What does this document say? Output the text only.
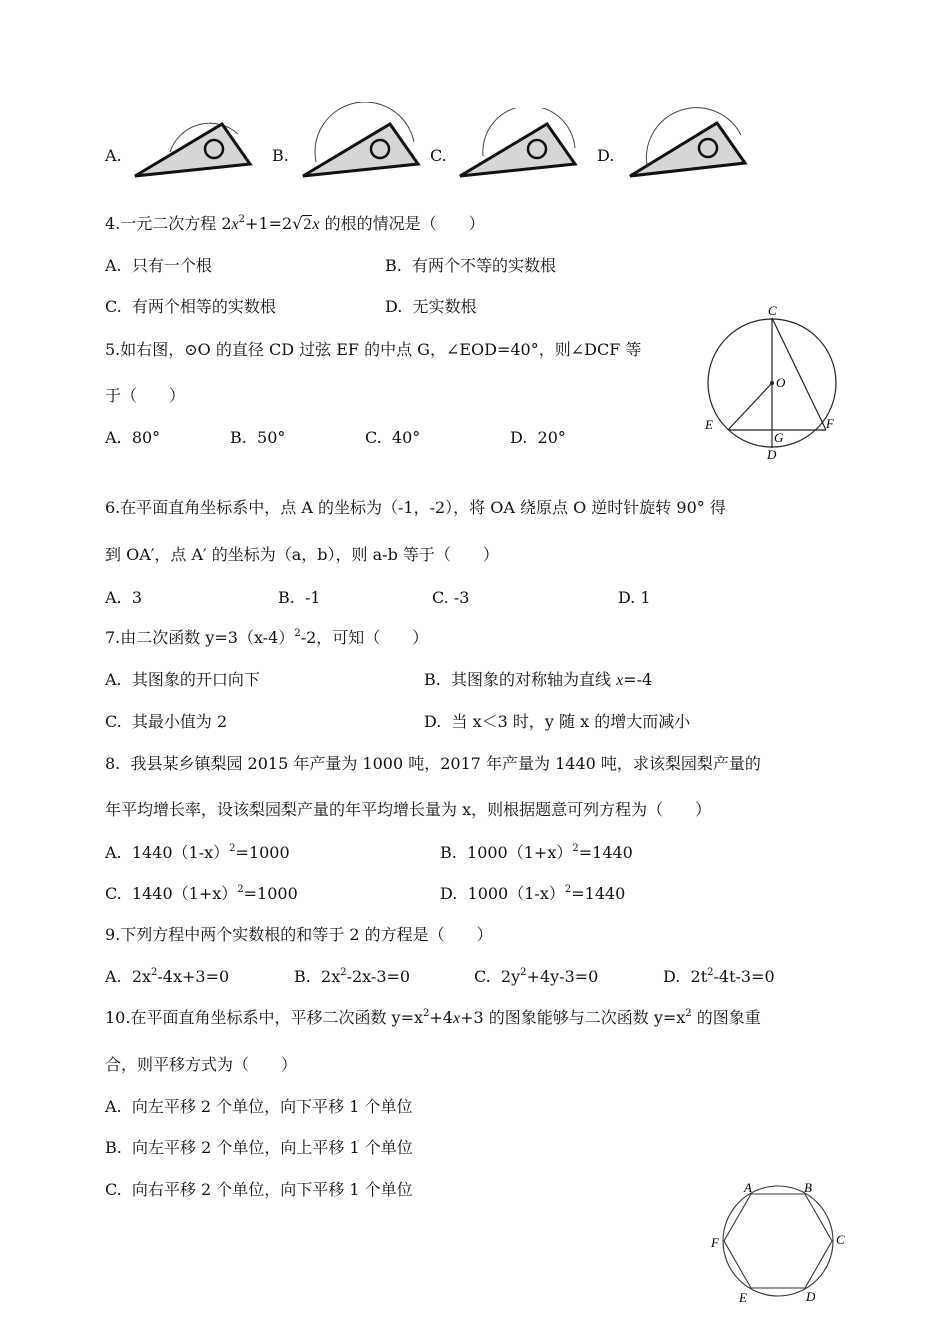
A.	B.	C.	D.
4.一元二次方程 $2x^2+1=2√2x$ 的根的情况是（　　）
A.  只有一个根	B.  有两个不等的实数根
C.  有两个相等的实数根	D.  无实数根
5.如右图，⊙O 的直径 CD 过弦 EF 的中点 G，∠EOD=40°，则∠DCF 等
于（　　）
A.  80°	B.  50°	C.  40°	D.  20°
C
O
E
G
F
D
6.在平面直角坐标系中，点 A 的坐标为（-1，-2），将 OA 绕原点 O 逆时针旋转 90° 得
到 OA′，点 A′ 的坐标为（a，b），则 a-b 等于（　　）
A.  3	B.  -1	C. -3	D. 1
7.由二次函数 $y=3(x-4)^2-2$，可知（　　）
A.  其图象的开口向下	B.  其图象的对称轴为直线 x=-4
C.  其最小值为 2	D.  当 x＜3 时，y 随 x 的增大而减小
8.  我县某乡镇梨园 2015 年产量为 1000 吨，2017 年产量为 1440 吨，求该梨园梨产量的
年平均增长率，设该梨园梨产量的年平均增长量为 x，则根据题意可列方程为（　　）
A.  $1440(1-x)^2=1000$	B.  $1000(1+x)^2=1440$
C.  $1440(1+x)^2=1000$	D.  $1000(1-x)^2=1440$
9.下列方程中两个实数根的和等于 2 的方程是（　　）
A.  $2x^2-4x+3=0$	B.  $2x^2-2x-3=0$	C.  $2y^2+4y-3=0$	D.  $2t^2-4t-3=0$
10.在平面直角坐标系中，平移二次函数 $y=x^2+4x+3$ 的图象能够与二次函数 $y=x^2$ 的图象重
合，则平移方式为（　　）
A.  向左平移 2 个单位，向下平移 1 个单位
B.  向左平移 2 个单位，向上平移 1 个单位
C.  向右平移 2 个单位，向下平移 1 个单位	A	B
C
D
E
F
